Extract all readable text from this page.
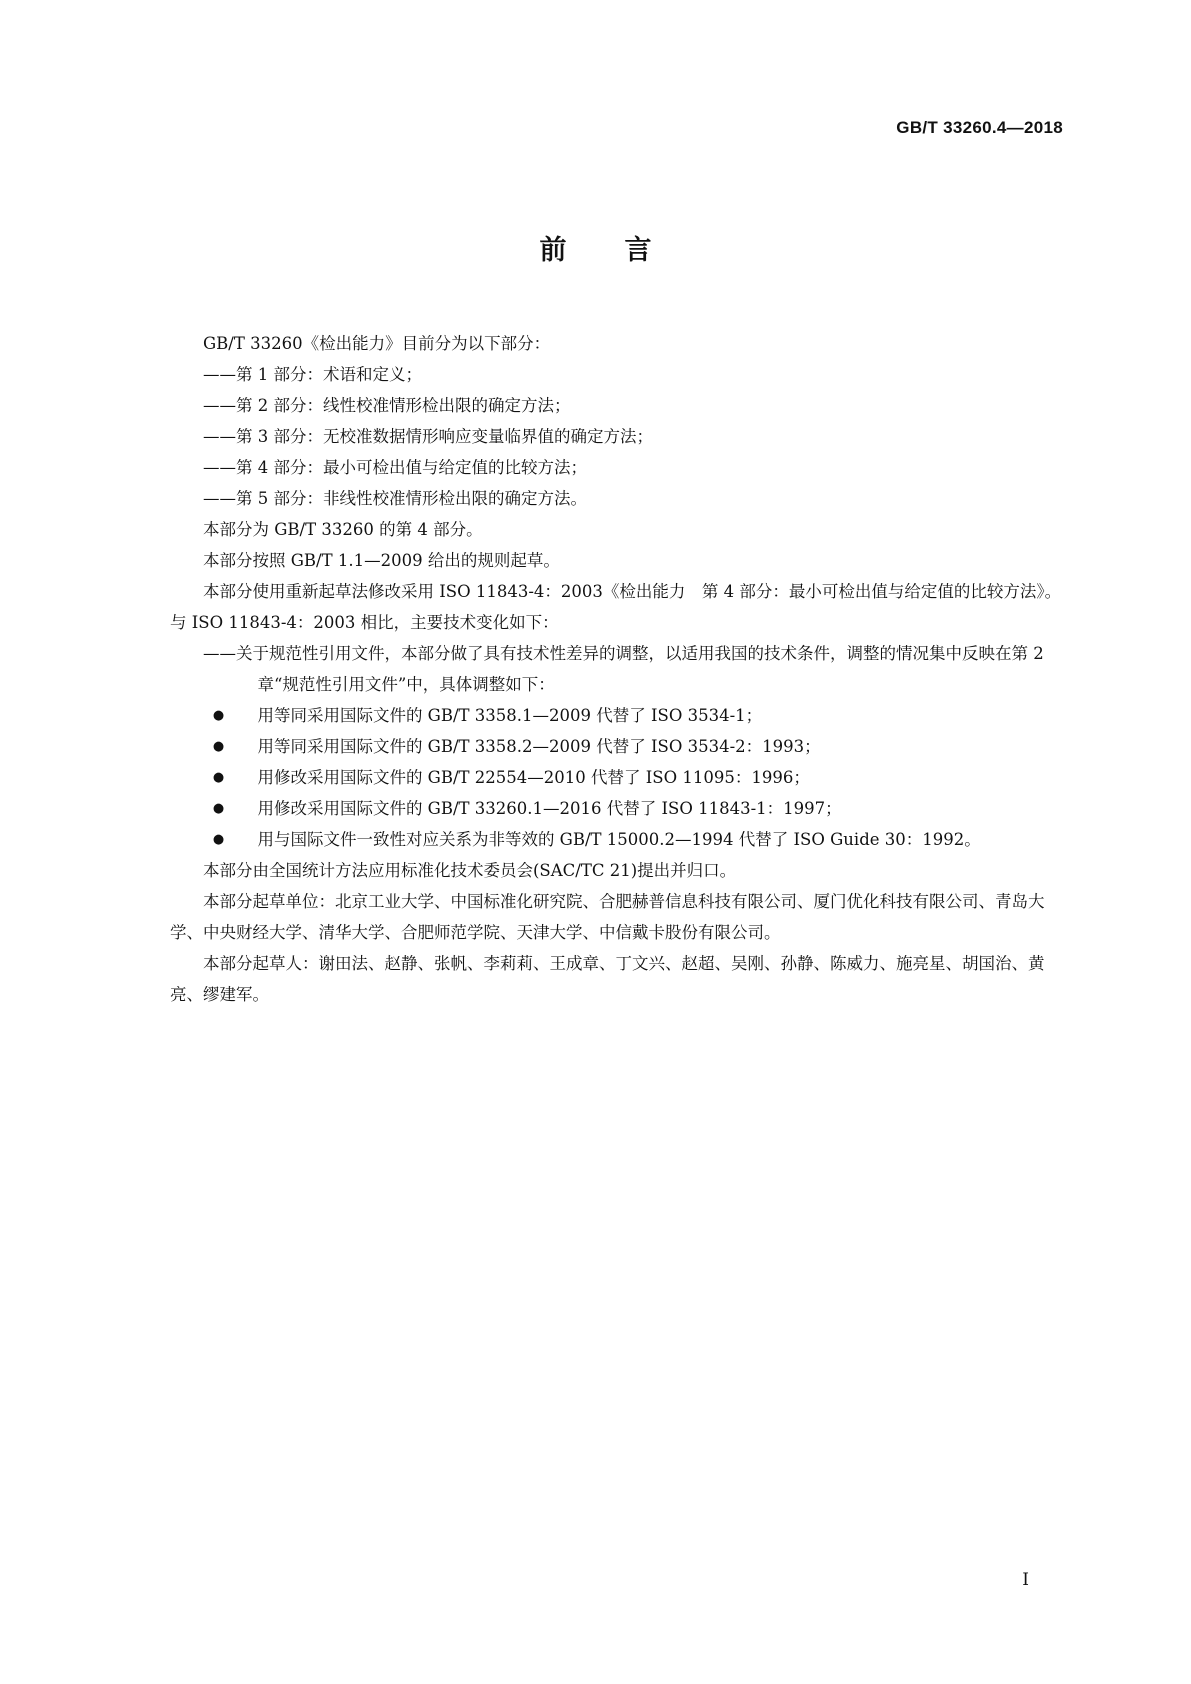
GB/T 33260.4—2018
前言

GB/T 33260《检出能力》目前分为以下部分：

——第 1 部分：术语和定义；

——第 2 部分：线性校准情形检出限的确定方法；

——第 3 部分：无校准数据情形响应变量临界值的确定方法；

——第 4 部分：最小可检出值与给定值的比较方法；

——第 5 部分：非线性校准情形检出限的确定方法。

本部分为 GB/T 33260 的第 4 部分。

本部分按照 GB/T 1.1—2009 给出的规则起草。

本部分使用重新起草法修改采用 ISO 11843-4：2003《检出能力　第 4 部分：最小可检出值与给定值的比较方法》。与 ISO 11843-4：2003 相比，主要技术变化如下：

——关于规范性引用文件，本部分做了具有技术性差异的调整，以适用我国的技术条件，调整的情况集中反映在第 2 章“规范性引用文件”中，具体调整如下：

● 用等同采用国际文件的 GB/T 3358.1—2009 代替了 ISO 3534-1；

● 用等同采用国际文件的 GB/T 3358.2—2009 代替了 ISO 3534-2：1993；

● 用修改采用国际文件的 GB/T 22554—2010 代替了 ISO 11095：1996；

● 用修改采用国际文件的 GB/T 33260.1—2016 代替了 ISO 11843-1：1997；

● 用与国际文件一致性对应关系为非等效的 GB/T 15000.2—1994 代替了 ISO Guide 30：1992。

本部分由全国统计方法应用标准化技术委员会(SAC/TC 21)提出并归口。

本部分起草单位：北京工业大学、中国标准化研究院、合肥赫普信息科技有限公司、厦门优化科技有限公司、青岛大学、中央财经大学、清华大学、合肥师范学院、天津大学、中信戴卡股份有限公司。

本部分起草人：谢田法、赵静、张帆、李莉莉、王成章、丁文兴、赵超、吴刚、孙静、陈威力、施亮星、胡国治、黄亮、缪建军。

I
